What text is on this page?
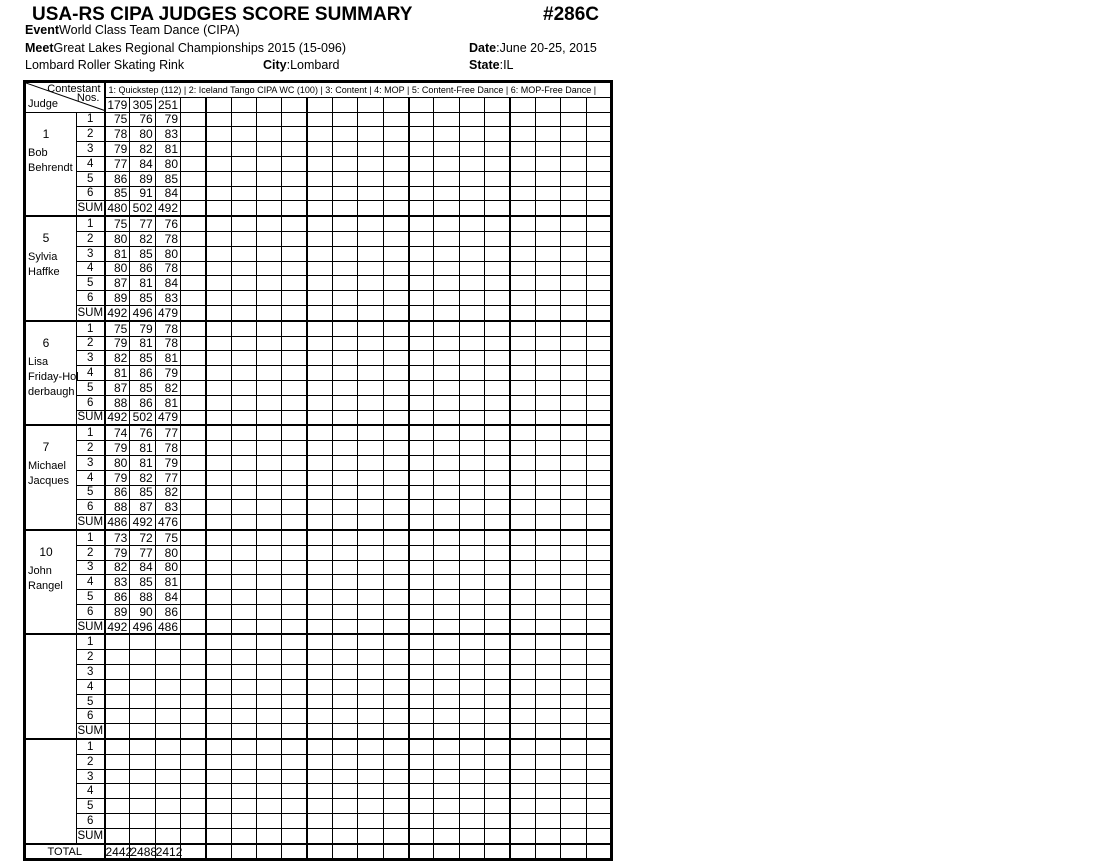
USA-RS CIPA JUDGES SCORE SUMMARY	#286C
EventWorld Class Team Dance (CIPA)
MeetGreat Lakes Regional Championships 2015 (15-096)	Date:June 20-25, 2015
Lombard Roller Skating Rink	City:Lombard	State:IL
Contestant
Nos.
Judge		1: Quickstep (112) | 2: Iceland Tango CIPA WC (100) | 3: Content | 4: MOP | 5: Content-Free Dance | 6: MOP-Free Dance |																			

		179	305	251																	

1
Bob
Behrendt	1	75	76	79																	
	2	78	80	83																	
	3	79	82	81																	
	4	77	84	80																	
	5	86	89	85																	
	6	85	91	84																	
	SUM	480	502	492																	

5
Sylvia
Haffke	1	75	77	76																	
	2	80	82	78																	
	3	81	85	80																	
	4	80	86	78																	
	5	87	81	84																	
	6	89	85	83																	
	SUM	492	496	479																	

6
Lisa
Friday-Hol
derbaugh	1	75	79	78																	
	2	79	81	78																	
	3	82	85	81																	
	4	81	86	79																	
	5	87	85	82																	
	6	88	86	81																	
	SUM	492	502	479																	

7
Michael
Jacques	1	74	76	77																	
	2	79	81	78																	
	3	80	81	79																	
	4	79	82	77																	
	5	86	85	82																	
	6	88	87	83																	
	SUM	486	492	476																	

10
John
Rangel	1	73	72	75																	
	2	79	77	80																	
	3	82	84	80																	
	4	83	85	81																	
	5	86	88	84																	
	6	89	90	86																	
	SUM	492	496	486																	

	1																				
	2																				
	3																				
	4																				
	5																				
	6																				
	SUM																				

	1																				
	2																				
	3																				
	4																				
	5																				
	6																				
	SUM																				
TOTAL		2442	2488	2412																	
